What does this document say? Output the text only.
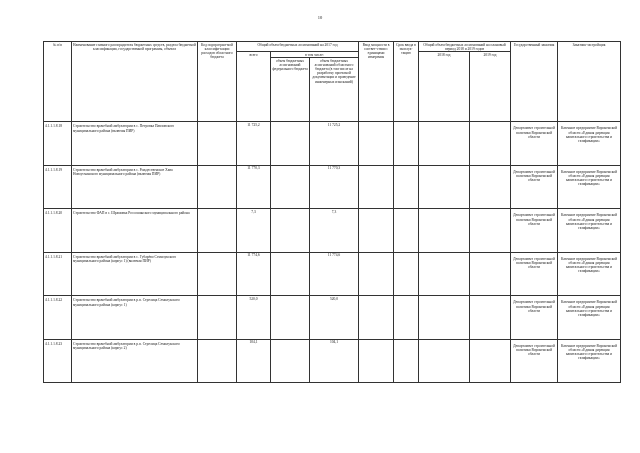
10
№ п/п	Наименование главного распорядителя бюджетных средств, раздела бюджетной классификации, государственной программы, объекта	Код подпрограм-мой классифи-кации расходов областного бюджета	Общий объем бюджетных ассигнований на 2017 год			Ввод мощности в соответ-ствии с единицами измерения	Срок ввода в эксплуа-тацию	Общий объем бюджетных ассигнований на плановый период 2018 и 2019 годов		Государственный заказчик	Заказчик-застройщик
			всего	в том числе:				2018 год	2019 год		
				объем бюджетных ассигнований федерального бюджета	объем бюджетных ассигнований областного бюджета (в том числе на разработку проектной документации и проведение инженерных изысканий)						
4.1.1.1.8.18	Строительство врачебной амбулатории в с. Петровка Павловского муниципального района (включая ПИР)		11 725,2		11 725,2					Департамент строительной политики Воронежской области	Казенное предприятие Воронежской области «Единая дирекция капитального строительства и газификации»
4.1.1.1.8.19	Строительство врачебной амбулатории в с. Рождественское Хава Новоусманского муниципального района (включая ПИР)		11 770,3		11 770,3					Департамент строительной политики Воронежской области	Казенное предприятие Воронежской области «Единая дирекция капитального строительства и газификации»
4.1.1.1.8.20	Строительство ФАП в с. Шрамовка Россошанского муниципального района		7,3		7,3					Департамент строительной политики Воронежской области	Казенное предприятие Воронежской области «Единая дирекция капитального строительства и газификации»
4.1.1.1.8.21	Строительство врачебной амбулатории в с. Губарёво Семилукского муниципального района (корпус 1) (включая ПИР)		11 774,6		11 774,6					Департамент строительной политики Воронежской области	Казенное предприятие Воронежской области «Единая дирекция капитального строительства и газификации»
4.1.1.1.8.22	Строительство врачебной амбулатории в р.п. Стрелица Семилукского муниципального района (корпус 1)		520,0		520,0					Департамент строительной политики Воронежской области	Казенное предприятие Воронежской области «Единая дирекция капитального строительства и газификации»
4.1.1.1.8.23	Строительство врачебной амбулатории в р.п. Стрелица Семилукского муниципального района (корпус 2)		104,1		104,1					Департамент строительной политики Воронежской области	Казенное предприятие Воронежской области «Единая дирекция капитального строительства и газификации»
